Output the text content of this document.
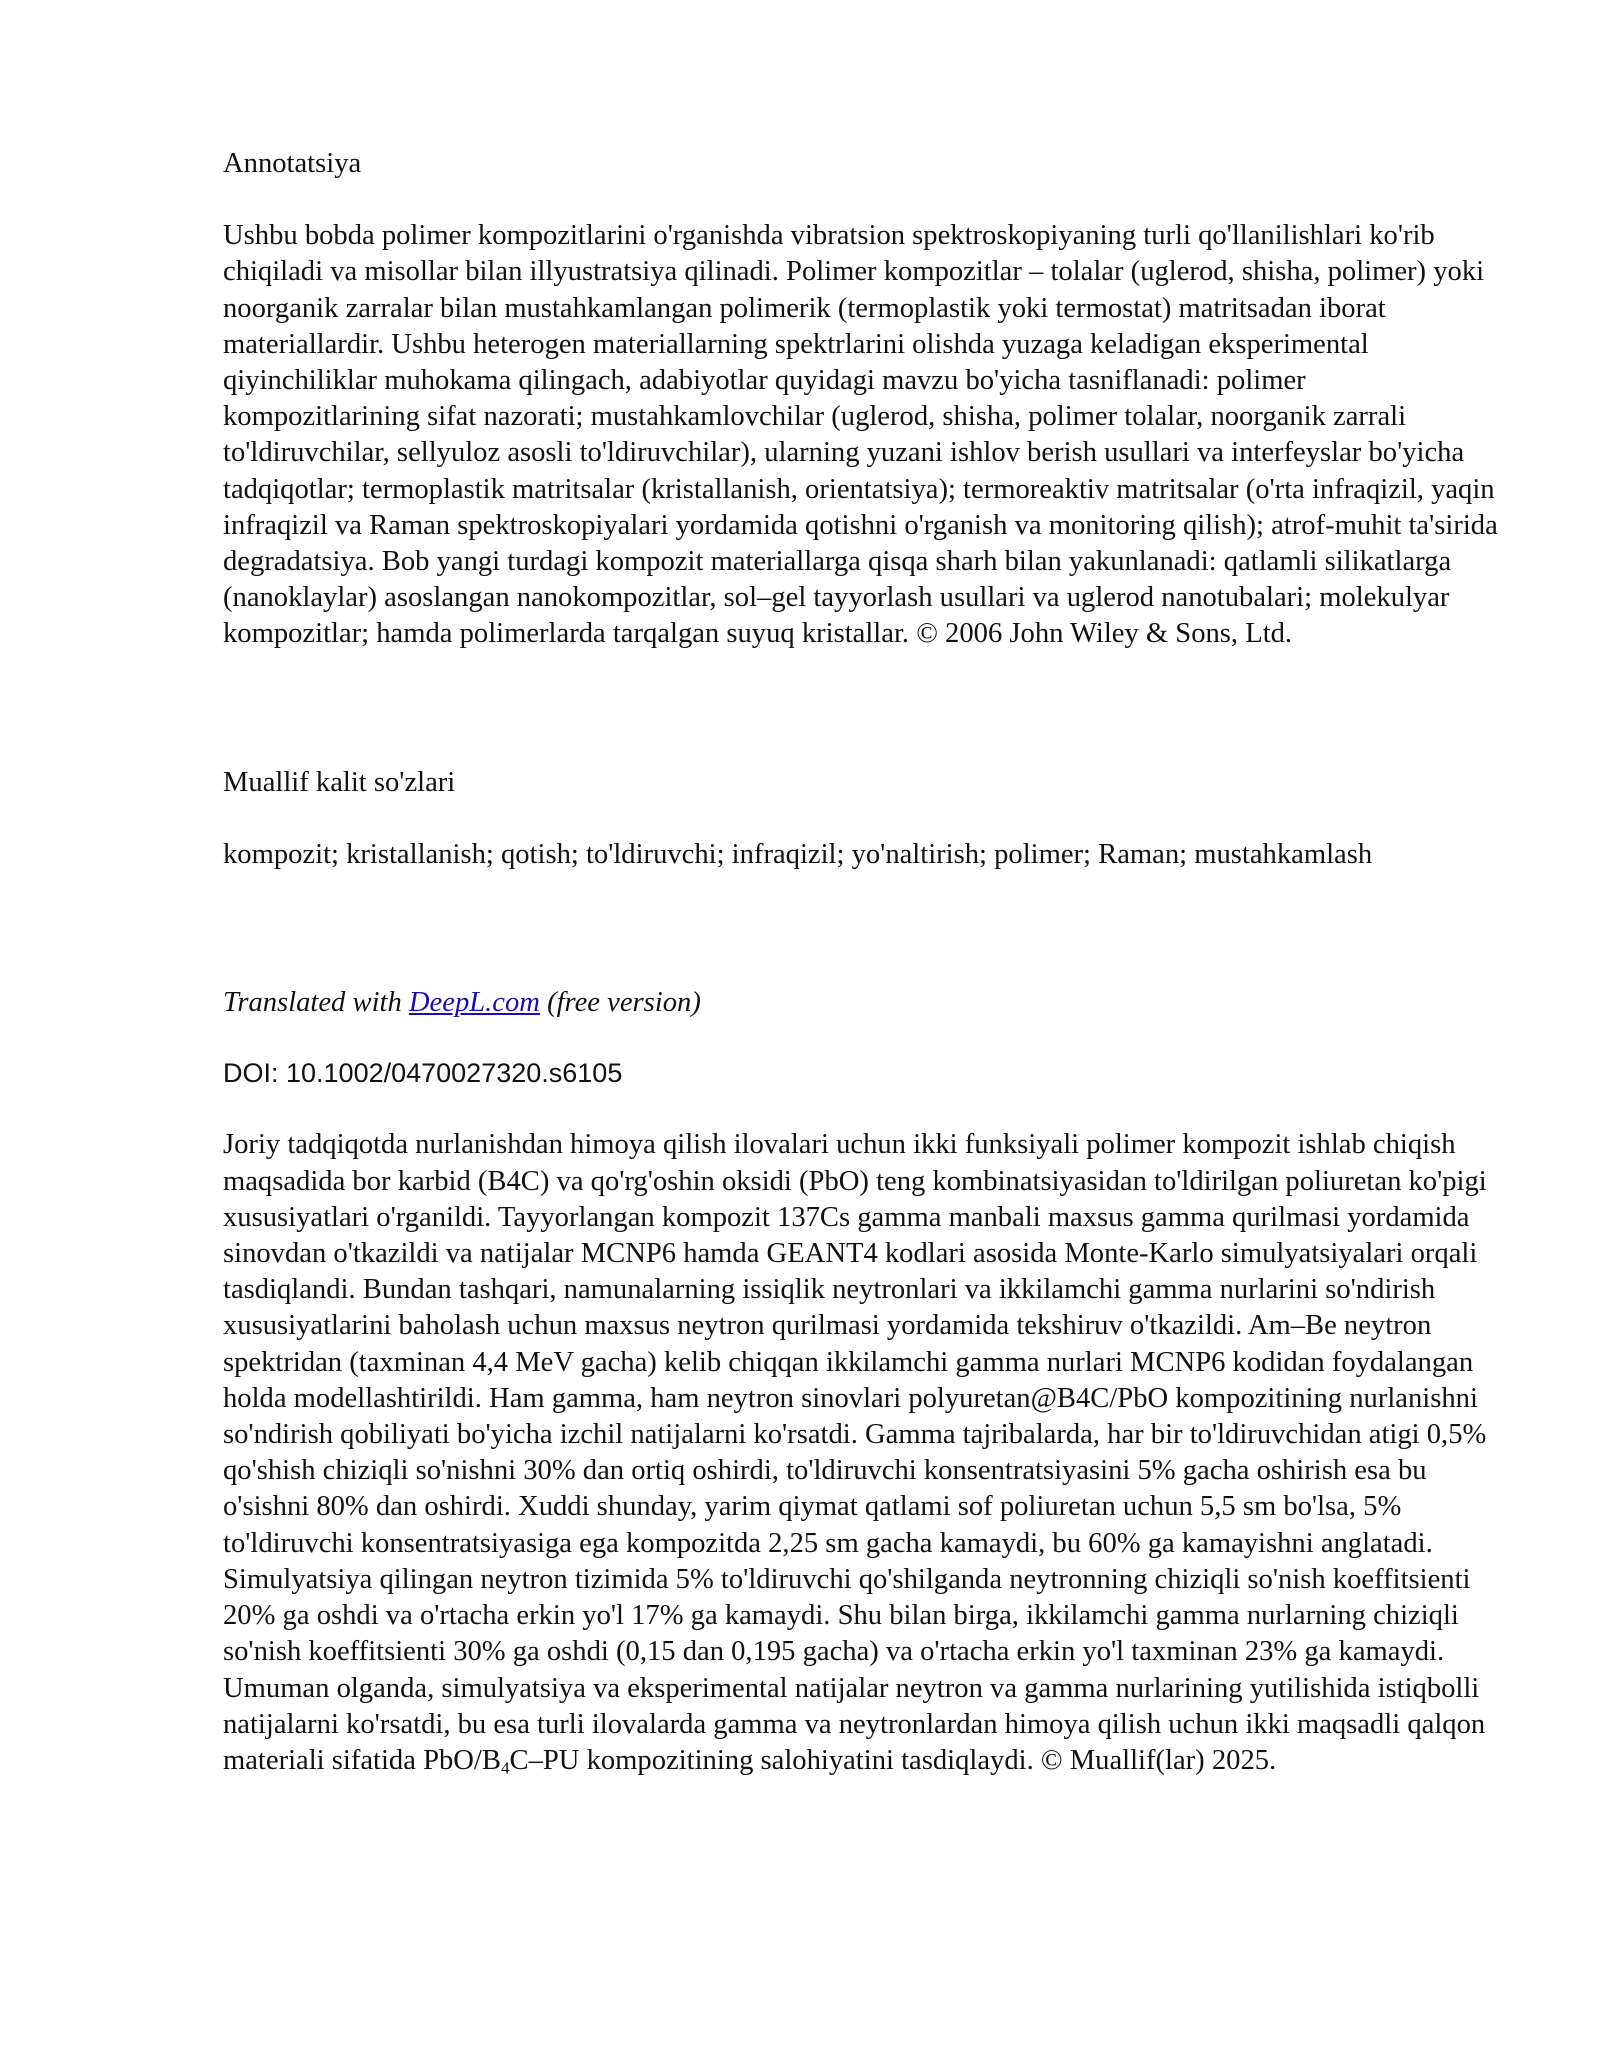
Annotatsiya

Ushbu bobda polimer kompozitlarini o'rganishda vibratsion spektroskopiyaning turli qo'llanilishlari ko'rib chiqiladi va misollar bilan illyustratsiya qilinadi. Polimer kompozitlar – tolalar (uglerod, shisha, polimer) yoki noorganik zarralar bilan mustahkamlangan polimerik (termoplastik yoki termostat) matritsadan iborat materiallardir. Ushbu heterogen materiallarning spektrlarini olishda yuzaga keladigan eksperimental qiyinchiliklar muhokama qilingach, adabiyotlar quyidagi mavzu bo'yicha tasniflanadi: polimer kompozitlarining sifat nazorati; mustahkamlovchilar (uglerod, shisha, polimer tolalar, noorganik zarrali to'ldiruvchilar, sellyuloz asosli to'ldiruvchilar), ularning yuzani ishlov berish usullari va interfeyslar bo'yicha tadqiqotlar; termoplastik matritsalar (kristallanish, orientatsiya); termoreaktiv matritsalar (o'rta infraqizil, yaqin infraqizil va Raman spektroskopiyalari yordamida qotishni o'rganish va monitoring qilish); atrof-muhit ta'sirida degradatsiya. Bob yangi turdagi kompozit materiallarga qisqa sharh bilan yakunlanadi: qatlamli silikatlarga (nanoklaylar) asoslangan nanokompozitlar, sol–gel tayyorlash usullari va uglerod nanotubalari; molekulyar kompozitlar; hamda polimerlarda tarqalgan suyuq kristallar. © 2006 John Wiley & Sons, Ltd.

Muallif kalit so'zlari

kompozit; kristallanish; qotish; to'ldiruvchi; infraqizil; yo'naltirish; polimer; Raman; mustahkamlash

Translated with DeepL.com (free version)

DOI: 10.1002/0470027320.s6105

Joriy tadqiqotda nurlanishdan himoya qilish ilovalari uchun ikki funksiyali polimer kompozit ishlab chiqish maqsadida bor karbid (B4C) va qo'rg'oshin oksidi (PbO) teng kombinatsiyasidan to'ldirilgan poliuretan ko'pigi xususiyatlari o'rganildi. Tayyorlangan kompozit 137Cs gamma manbali maxsus gamma qurilmasi yordamida sinovdan o'tkazildi va natijalar MCNP6 hamda GEANT4 kodlari asosida Monte-Karlo simulyatsiyalari orqali tasdiqlandi. Bundan tashqari, namunalarning issiqlik neytronlari va ikkilamchi gamma nurlarini so'ndirish xususiyatlarini baholash uchun maxsus neytron qurilmasi yordamida tekshiruv o'tkazildi. Am–Be neytron spektridan (taxminan 4,4 MeV gacha) kelib chiqqan ikkilamchi gamma nurlari MCNP6 kodidan foydalangan holda modellashtirildi. Ham gamma, ham neytron sinovlari polyuretan@B4C/PbO kompozitining nurlanishni so'ndirish qobiliyati bo'yicha izchil natijalarni ko'rsatdi. Gamma tajribalarda, har bir to'ldiruvchidan atigi 0,5% qo'shish chiziqli so'nishni 30% dan ortiq oshirdi, to'ldiruvchi konsentratsiyasini 5% gacha oshirish esa bu o'sishni 80% dan oshirdi. Xuddi shunday, yarim qiymat qatlami sof poliuretan uchun 5,5 sm bo'lsa, 5% to'ldiruvchi konsentratsiyasiga ega kompozitda 2,25 sm gacha kamaydi, bu 60% ga kamayishni anglatadi. Simulyatsiya qilingan neytron tizimida 5% to'ldiruvchi qo'shilganda neytronning chiziqli so'nish koeffitsienti 20% ga oshdi va o'rtacha erkin yo'l 17% ga kamaydi. Shu bilan birga, ikkilamchi gamma nurlarning chiziqli so'nish koeffitsienti 30% ga oshdi (0,15 dan 0,195 gacha) va o'rtacha erkin yo'l taxminan 23% ga kamaydi. Umuman olganda, simulyatsiya va eksperimental natijalar neytron va gamma nurlarining yutilishida istiqbolli natijalarni ko'rsatdi, bu esa turli ilovalarda gamma va neytronlardan himoya qilish uchun ikki maqsadli qalqon materiali sifatida PbO/$B_4C-PU$ kompozitining salohiyatini tasdiqlaydi. © Muallif(lar) 2025.
